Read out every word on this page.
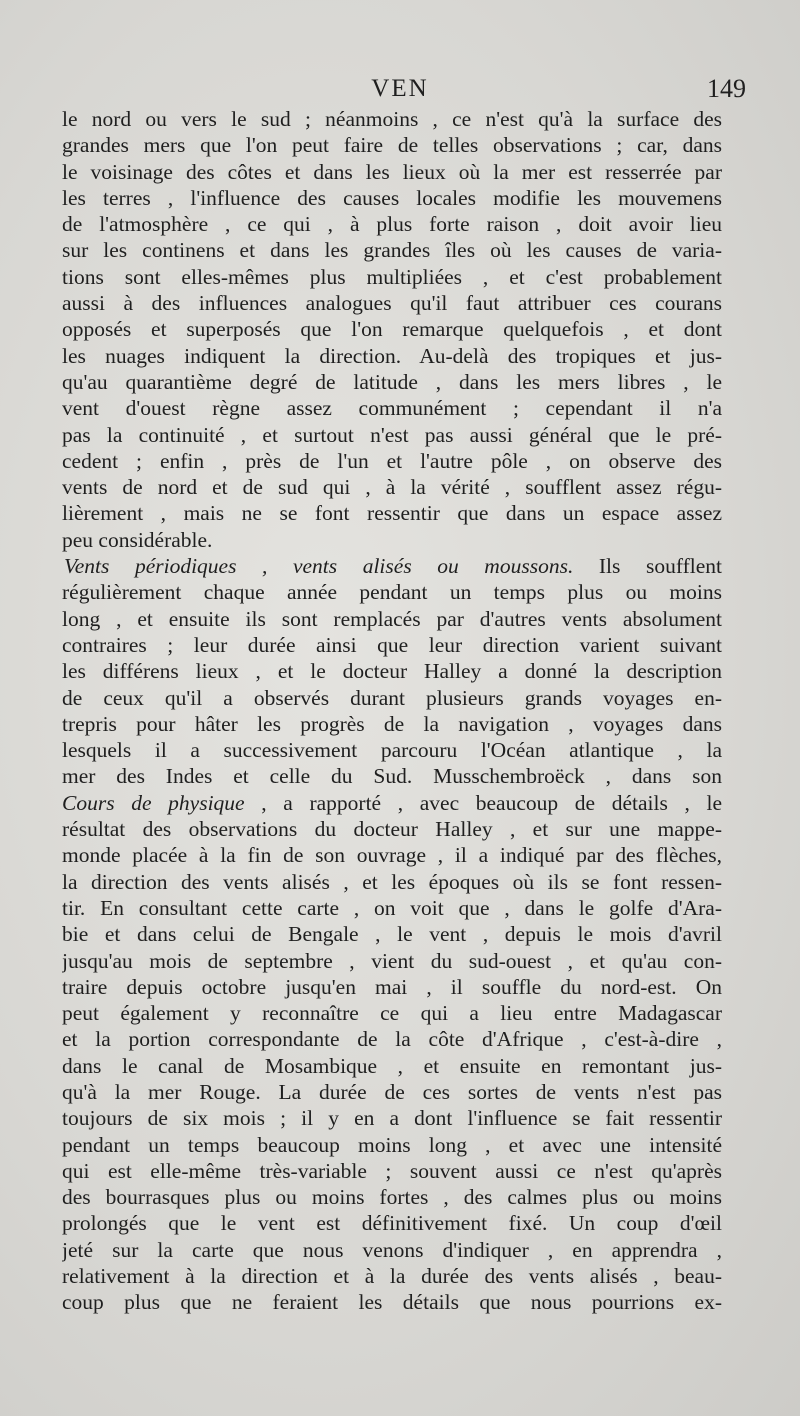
VEN	149
le nord ou vers le sud ; néanmoins , ce n'est qu'à la surface des
grandes mers que l'on peut faire de telles observations ; car, dans
le voisinage des côtes et dans les lieux où la mer est resserrée par
les terres , l'influence des causes locales modifie les mouvemens
de l'atmosphère , ce qui , à plus forte raison , doit avoir lieu
sur les continens et dans les grandes îles où les causes de varia-
tions sont elles-mêmes plus multipliées , et c'est probablement
aussi à des influences analogues qu'il faut attribuer ces courans
opposés et superposés que l'on remarque quelquefois , et dont
les nuages indiquent la direction. Au-delà des tropiques et jus-
qu'au quarantième degré de latitude , dans les mers libres , le
vent d'ouest règne assez communément ; cependant il n'a
pas la continuité , et surtout n'est pas aussi général que le pré-
cedent ; enfin , près de l'un et l'autre pôle , on observe des
vents de nord et de sud qui , à la vérité , soufflent assez régu-
lièrement , mais ne se font ressentir que dans un espace assez
peu considérable.
Vents périodiques , vents alisés ou moussons. Ils soufflent
régulièrement chaque année pendant un temps plus ou moins
long , et ensuite ils sont remplacés par d'autres vents absolument
contraires ; leur durée ainsi que leur direction varient suivant
les différens lieux , et le docteur Halley a donné la description
de ceux qu'il a observés durant plusieurs grands voyages en-
trepris pour hâter les progrès de la navigation , voyages dans
lesquels il a successivement parcouru l'Océan atlantique , la
mer des Indes et celle du Sud. Musschembroëck , dans son
Cours de physique , a rapporté , avec beaucoup de détails , le
résultat des observations du docteur Halley , et sur une mappe-
monde placée à la fin de son ouvrage , il a indiqué par des flèches,
la direction des vents alisés , et les époques où ils se font ressen-
tir. En consultant cette carte , on voit que , dans le golfe d'Ara-
bie et dans celui de Bengale , le vent , depuis le mois d'avril
jusqu'au mois de septembre , vient du sud-ouest , et qu'au con-
traire depuis octobre jusqu'en mai , il souffle du nord-est. On
peut également y reconnaître ce qui a lieu entre Madagascar
et la portion correspondante de la côte d'Afrique , c'est-à-dire ,
dans le canal de Mosambique , et ensuite en remontant jus-
qu'à la mer Rouge. La durée de ces sortes de vents n'est pas
toujours de six mois ; il y en a dont l'influence se fait ressentir
pendant un temps beaucoup moins long , et avec une intensité
qui est elle-même très-variable ; souvent aussi ce n'est qu'après
des bourrasques plus ou moins fortes , des calmes plus ou moins
prolongés que le vent est définitivement fixé. Un coup d'œil
jeté sur la carte que nous venons d'indiquer , en apprendra ,
relativement à la direction et à la durée des vents alisés , beau-
coup plus que ne feraient les détails que nous pourrions ex-
